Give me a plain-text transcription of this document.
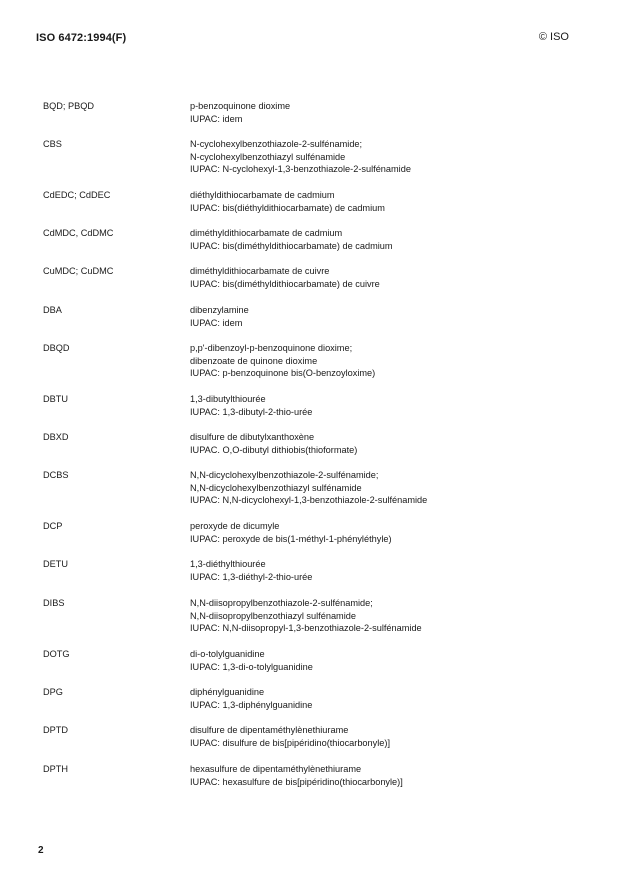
ISO 6472:1994(F)	© ISO
BQD; PBQD	p-benzoquinone dioxime
IUPAC: idem
CBS	N-cyclohexylbenzothiazole-2-sulfénamide;
N-cyclohexylbenzothiazyl sulfénamide
IUPAC: N-cyclohexyl-1,3-benzothiazole-2-sulfénamide
CdEDC; CdDEC	diéthyldithiocarbamate de cadmium
IUPAC: bis(diéthyldithiocarbamate) de cadmium
CdMDC, CdDMC	diméthyldithiocarbamate de cadmium
IUPAC: bis(diméthyldithiocarbamate) de cadmium
CuMDC; CuDMC	diméthyldithiocarbamate de cuivre
IUPAC: bis(diméthyldithiocarbamate) de cuivre
DBA	dibenzylamine
IUPAC: idem
DBQD	p,p'-dibenzoyl-p-benzoquinone dioxime;
dibenzoate de quinone dioxime
IUPAC: p-benzoquinone bis(O-benzoyloxime)
DBTU	1,3-dibutylthiourée
IUPAC: 1,3-dibutyl-2-thio-urée
DBXD	disulfure de dibutylxanthoxène
IUPAC. O,O-dibutyl dithiobis(thioformate)
DCBS	N,N-dicyclohexylbenzothiazole-2-sulfénamide;
N,N-dicyclohexylbenzothiazyl sulfénamide
IUPAC: N,N-dicyclohexyl-1,3-benzothiazole-2-sulfénamide
DCP	peroxyde de dicumyle
IUPAC: peroxyde de bis(1-méthyl-1-phényléthyle)
DETU	1,3-diéthylthiourée
IUPAC: 1,3-diéthyl-2-thio-urée
DIBS	N,N-diisopropylbenzothiazole-2-sulfénamide;
N,N-diisopropylbenzothiazyl sulfénamide
IUPAC: N,N-diisopropyl-1,3-benzothiazole-2-sulfénamide
DOTG	di-o-tolylguanidine
IUPAC: 1,3-di-o-tolylguanidine
DPG	diphénylguanidine
IUPAC: 1,3-diphénylguanidine
DPTD	disulfure de dipentaméthylènethiurame
IUPAC: disulfure de bis[pipéridino(thiocarbonyle)]
DPTH	hexasulfure de dipentaméthylènethiurame
IUPAC: hexasulfure de bis[pipéridino(thiocarbonyle)]
2
